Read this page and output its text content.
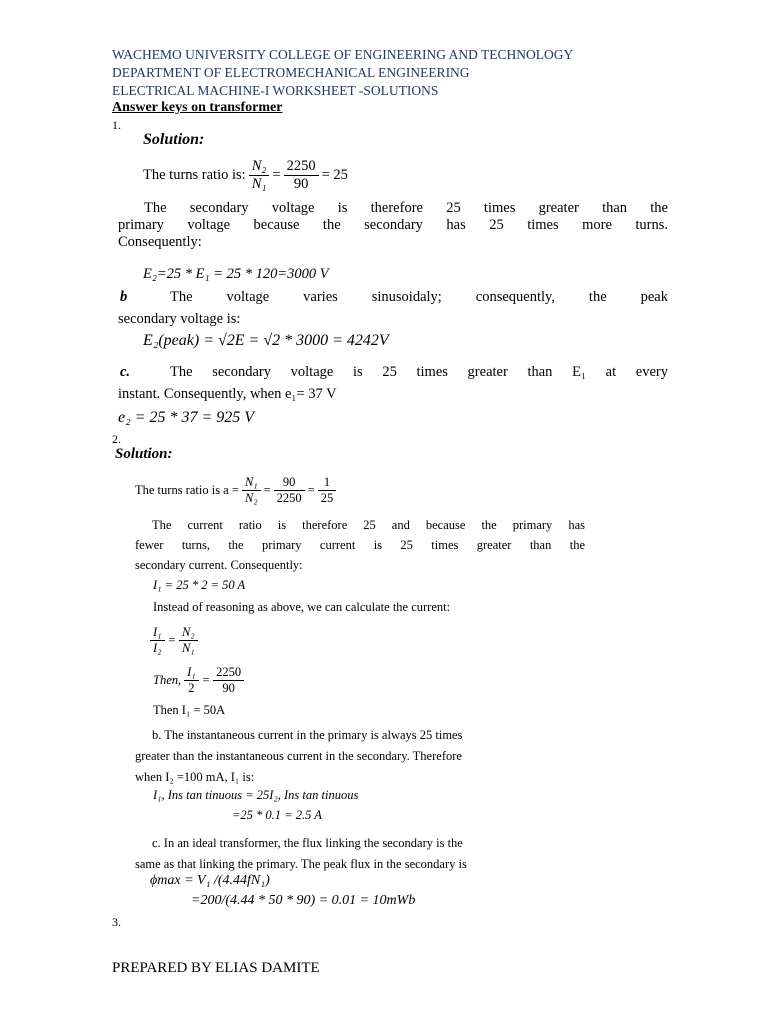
WACHEMO UNIVERSITY COLLEGE OF ENGINEERING AND TECHNOLOGY
DEPARTMENT OF ELECTROMECHANICAL ENGINEERING
ELECTRICAL MACHINE-I WORKSHEET -SOLUTIONS
Answer keys on transformer
1.
Solution:
The turns ratio is: $\frac{\text{N₂}}{\text{N₁}} = \frac{2250}{90} = 25$
The secondary voltage is therefore 25 times greater than the
primary voltage because the secondary has 25 times more turns.
Consequently:
E₂=25 * E₁ = 25 * 120=3000 V
b	The voltage varies sinusoidaly; consequently, the peak
secondary voltage is:
E₂(peak) = √2E = √2 * 3000 = 4242V
c.	The secondary voltage is 25 times greater than E₁ at every
instant. Consequently, when e₁= 37 V
e₂ = 25 * 37 = 925 V
2.
Solution:
The turns ratio is $a = \frac{\text{N₁}}{\text{N₂}} = \frac{90}{2250} = \frac{1}{25}$
The current ratio is therefore 25 and because the primary has
fewer turns, the primary current is 25 times greater than the
secondary current. Consequently:
I₁ = 25 * 2 = 50 A
Instead of reasoning as above, we can calculate the current:
$\frac{\text{I₁}}{\text{I₂}} = \frac{\text{N₂}}{\text{N₁}}$
Then, $\frac{\text{I₁}}{2} = \frac{2250}{90}$
Then I₁ = 50A
b. The instantaneous current in the primary is always 25 times
greater than the instantaneous current in the secondary. Therefore
when I₂ =100 mA, I₁ is:
I₁, Ins tan tinuous = 25I₂, Ins tan tinuous
=25 * 0.1 = 2.5 A
c. In an ideal transformer, the flux linking the secondary is the
same as that linking the primary. The peak flux in the secondary is
ϕmax = V₁ /(4.44fN₁)
=200/(4.44 * 50 * 90) = 0.01 = 10mWb
3.
PREPARED BY ELIAS DAMITE
